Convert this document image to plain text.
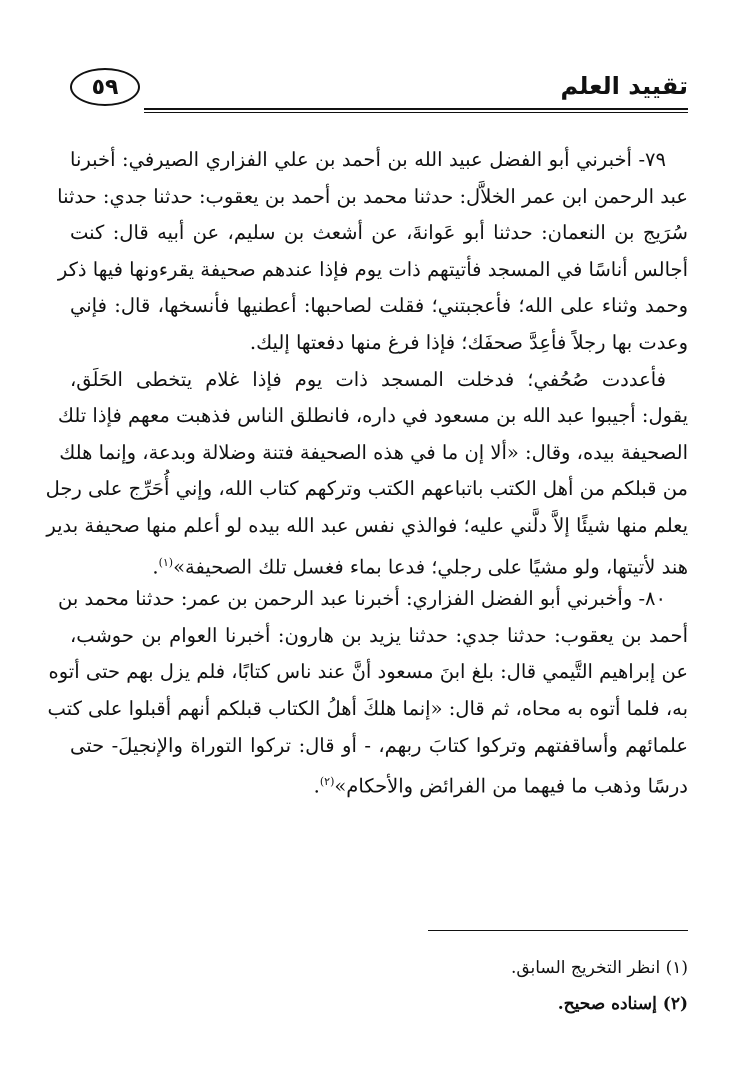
٥٩	تقييد العلم
٧٩- أخبرني أبو الفضل عبيد الله بن أحمد بن علي الفزاري الصيرفي: أخبرنا
عبد الرحمن ابن عمر الخلاَّل: حدثنا محمد بن أحمد بن يعقوب: حدثنا جدي: حدثنا
سُرَيج بن النعمان: حدثنا أبو عَوانةَ، عن أشعث بن سليم، عن أبيه قال: كنت
أجالس أناسًا في المسجد فأتيتهم ذات يوم فإذا عندهم صحيفة يقرءونها فيها ذكر
وحمد وثناء على الله؛ فأعجبتني؛ فقلت لصاحبها: أعطنيها فأنسخها، قال: فإني
وعدت بها رجلاً فأعِدَّ صحفَك؛ فإذا فرغ منها دفعتها إليك.
فأعددت صُحُفي؛ فدخلت المسجد ذات يوم فإذا غلام يتخطى الحَلَق،
يقول: أجيبوا عبد الله بن مسعود في داره، فانطلق الناس فذهبت معهم فإذا تلك
الصحيفة بيده، وقال: «ألا إن ما في هذه الصحيفة فتنة وضلالة وبدعة، وإنما هلك
من قبلكم من أهل الكتب باتباعهم الكتب وتركهم كتاب الله، وإني أُحَرِّج على رجل
يعلم منها شيئًا إلاَّ دلَّني عليه؛ فوالذي نفس عبد الله بيده لو أعلم منها صحيفة بدير
هند لأتيتها، ولو مشيًا على رجلي؛ فدعا بماء فغسل تلك الصحيفة»$^{(١)}$.
٨٠- وأخبرني أبو الفضل الفزاري: أخبرنا عبد الرحمن بن عمر: حدثنا محمد بن
أحمد بن يعقوب: حدثنا جدي: حدثنا يزيد بن هارون: أخبرنا العوام بن حوشب،
عن إبراهيم التَّيمي قال: بلغ ابنَ مسعود أنَّ عند ناس كتابًا، فلم يزل بهم حتى أتوه
به، فلما أتوه به محاه، ثم قال: «إنما هلكَ أهلُ الكتاب قبلكم أنهم أقبلوا على كتب
علمائهم وأساقفتهم وتركوا كتابَ ربهم، - أو قال: تركوا التوراة والإنجيلَ- حتى
درسًا وذهب ما فيهما من الفرائض والأحكام»$^{(٢)}$.
(١) انظر التخريج السابق.
(٢) إسناده صحيح.
